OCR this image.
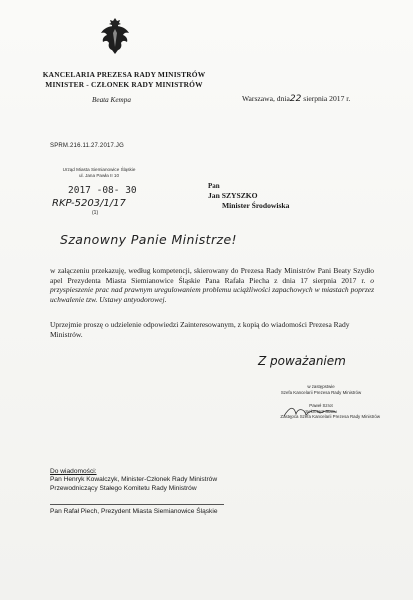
KANCELARIA PREZESA RADY MINISTRÓW
MINISTER - CZŁONEK RADY MINISTRÓW
Beata Kempa	Warszawa, dnia22 sierpnia 2017 r.
SPRM.216.11.27.2017.JG
Urząd Miasta Siemianowice Śląskie
ul. Jana Pawła II 10
2017 -08- 30
RKP-5203/1/17
(1)
Pan
Jan SZYSZKO
Minister Środowiska
Szanowny Panie Ministrze!

w załączeniu przekazuję, według kompetencji, skierowany do Prezesa Rady Ministrów Pani Beaty Szydło apel Prezydenta Miasta Siemianowice Śląskie Pana Rafała Piecha z dnia 17 sierpnia 2017 r. o przyspieszenie prac nad prawnym uregulowaniem problemu uciążliwości zapachowych w miastach poprzez uchwalenie tzw. Ustawy antyodorowej.

Uprzejmie proszę o udzielenie odpowiedzi Zainteresowanym, z kopią do wiadomości Prezesa Rady Ministrów.
Z poważaniem
w zastępstwie
Szefa Kancelarii Prezesa Rady Ministrów
Paweł Szrot
Sekretarz Stanu
Zastępca Szefa Kancelarii Prezesa Rady Ministrów
Do wiadomości:
Pan Henryk Kowalczyk, Minister-Członek Rady Ministrów
Przewodniczący Stałego Komitetu Rady Ministrów
Pan Rafał Piech, Prezydent Miasta Siemianowice Śląskie
